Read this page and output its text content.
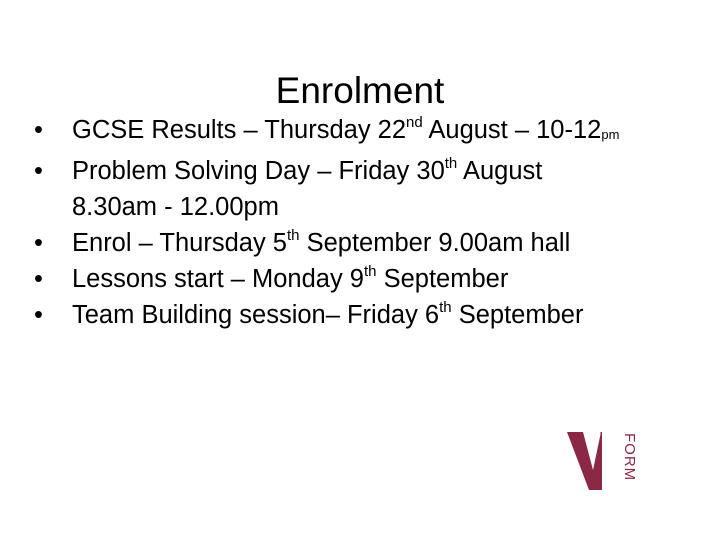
Enrolment
•	GCSE Results – Thursday 22nd August – 10-12pm
•	Problem Solving Day – Friday 30th August
8.30am - 12.00pm
•	Enrol – Thursday 5th September 9.00am hall
•	Lessons start – Monday 9th September
•	Team Building session– Friday 6th September
FORM
